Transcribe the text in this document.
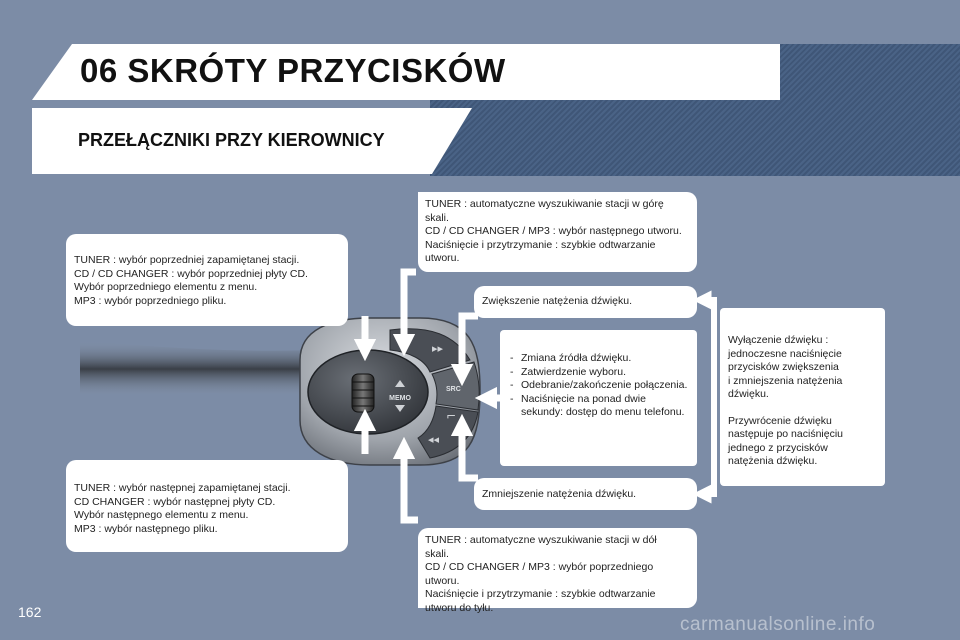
06 SKRÓTY PRZYCISKÓW
PRZEŁĄCZNIKI PRZY KIEROWNICY
MEMO
▸▸
SRC
⌐
◂◂

TUNER : wybór poprzedniej zapamiętanej stacji.

CD / CD CHANGER : wybór poprzedniej płyty CD.

Wybór poprzedniego elementu z menu.

MP3 : wybór poprzedniego pliku.

TUNER : wybór następnej zapamiętanej stacji.

CD CHANGER : wybór następnej płyty CD.

Wybór następnego elementu z menu.

MP3 : wybór następnego pliku.

TUNER : automatyczne wyszukiwanie stacji w górę

skali.

CD / CD CHANGER / MP3 : wybór następnego utworu.

Naciśnięcie i przytrzymanie : szybkie odtwarzanie

utworu.

TUNER : automatyczne wyszukiwanie stacji w dół

skali.

CD / CD CHANGER / MP3 : wybór poprzedniego utworu.

Naciśnięcie i przytrzymanie : szybkie odtwarzanie

utworu do tyłu.

Zwiększenie natężenia dźwięku.

Zmniejszenie natężenia dźwięku.

- Zmiana źródła dźwięku.
- Zatwierdzenie wyboru.
- Odebranie/zakończenie połączenia.
- Naciśnięcie na ponad dwie sekundy: dostęp do menu telefonu.

Wyłączenie dźwięku :

jednoczesne naciśnięcie

przycisków zwiększenia

i zmniejszenia natężenia

dźwięku.

Przywrócenie dźwięku

następuje po naciśnięciu

jednego z przycisków

natężenia dźwięku.

162
carmanualsonline.info
